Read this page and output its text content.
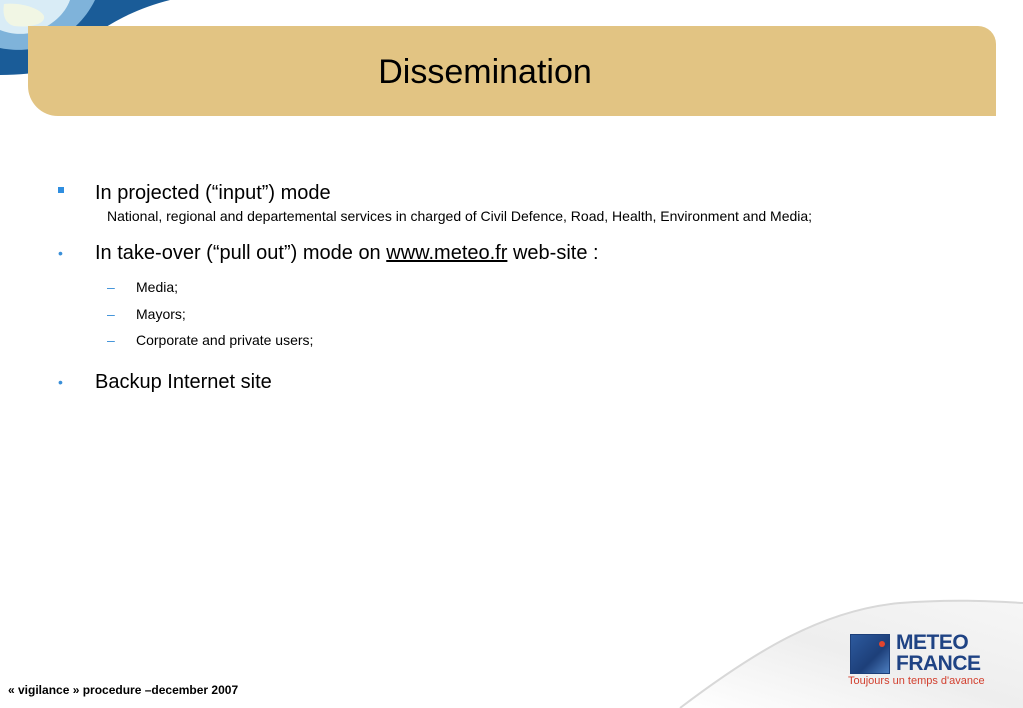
Dissemination
In projected (“input”) mode
National, regional and departemental services in charged of Civil Defence, Road, Health, Environment and Media;
• In take-over (“pull out”) mode on www.meteo.fr web-site :
– Media;
– Mayors;
– Corporate and private users;
• Backup Internet site
METEO
FRANCE
Toujours un temps d'avance
« vigilance » procedure –december 2007
